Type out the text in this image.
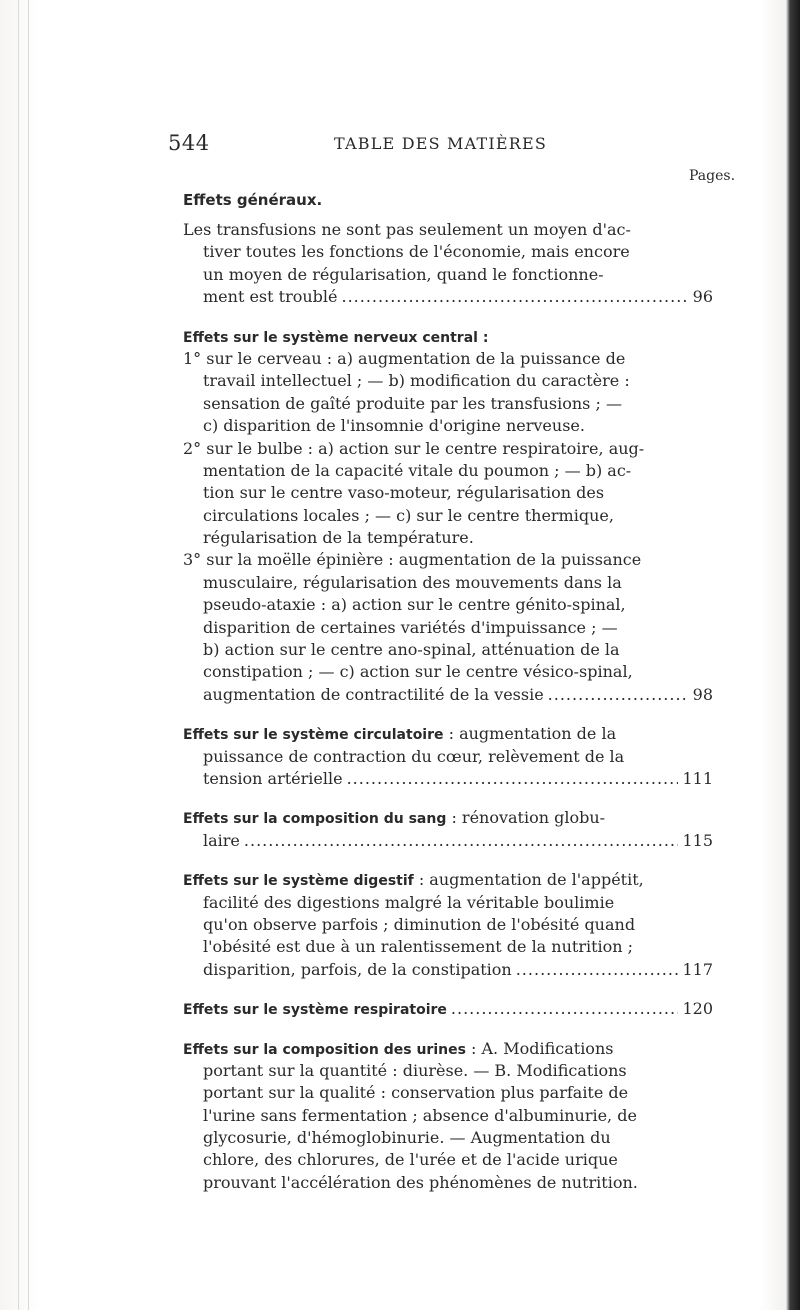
544	TABLE DES MATIÈRES
Pages.
Effets généraux.
Les transfusions ne sont pas seulement un moyen d'ac-
tiver toutes les fonctions de l'économie, mais encore
un moyen de régularisation, quand le fonctionne-
ment est troublé .....	96
Effets sur le système nerveux central :
1° sur le cerveau : a) augmentation de la puissance de
travail intellectuel ; — b) modification du caractère :
sensation de gaîté produite par les transfusions ; —
c) disparition de l'insomnie d'origine nerveuse.
2° sur le bulbe : a) action sur le centre respiratoire, aug-
mentation de la capacité vitale du poumon ; — b) ac-
tion sur le centre vaso-moteur, régularisation des
circulations locales ; — c) sur le centre thermique,
régularisation de la température.
3° sur la moëlle épinière : augmentation de la puissance
musculaire, régularisation des mouvements dans la
pseudo-ataxie : a) action sur le centre génito-spinal,
disparition de certaines variétés d'impuissance ; —
b) action sur le centre ano-spinal, atténuation de la
constipation ; — c) action sur le centre vésico-spinal,
augmentation de contractilité de la vessie .....	98
Effets sur le système circulatoire : augmentation de la
puissance de contraction du cœur, relèvement de la
tension artérielle .....	111
Effets sur la composition du sang : rénovation globu-
laire .....	115
Effets sur le système digestif : augmentation de l'appétit,
facilité des digestions malgré la véritable boulimie
qu'on observe parfois ; diminution de l'obésité quand
l'obésité est due à un ralentissement de la nutrition ;
disparition, parfois, de la constipation .....	117
Effets sur le système respiratoire .....	120
Effets sur la composition des urines : A. Modifications
portant sur la quantité : diurèse. — B. Modifications
portant sur la qualité : conservation plus parfaite de
l'urine sans fermentation ; absence d'albuminurie, de
glycosurie, d'hémoglobinurie. — Augmentation du
chlore, des chlorures, de l'urée et de l'acide urique
prouvant l'accélération des phénomènes de nutrition.
